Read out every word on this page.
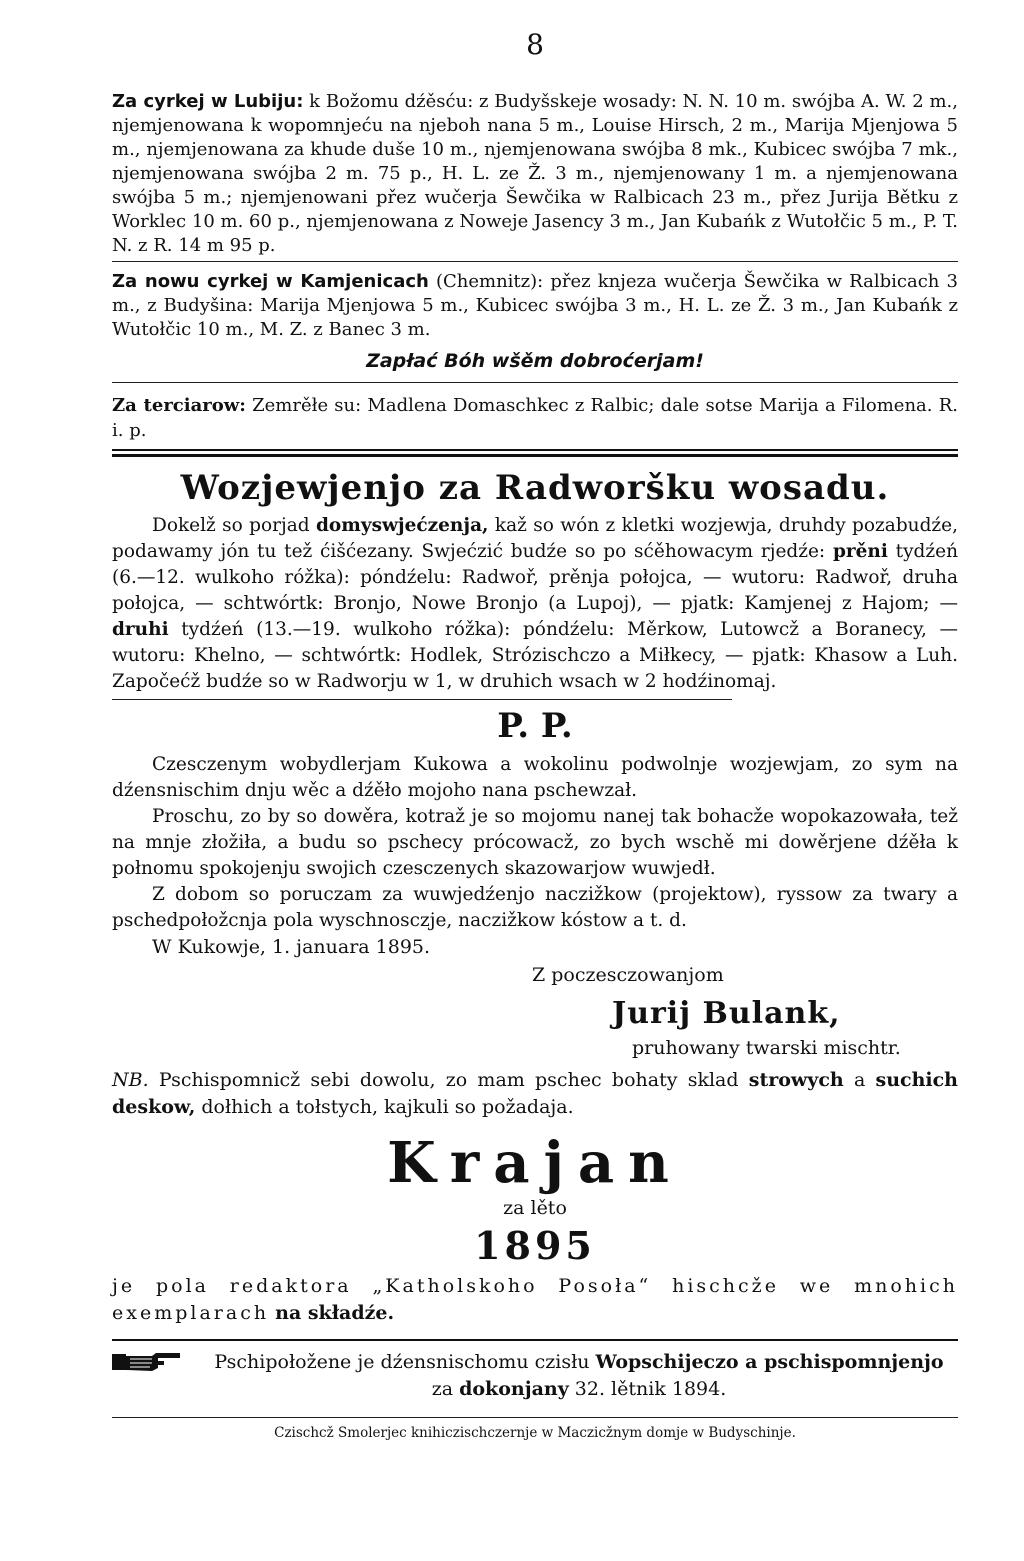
8

Za cyrkej w Lubiju: k Božomu dźěsću: z Budyšskeje wosady: N. N. 10 m. swójba A. W. 2 m., njemjenowana k wopomnjeću na njeboh nana 5 m., Louise Hirsch, 2 m., Marija Mjenjowa 5 m., njemjenowana za khude duše 10 m., njemjenowana swójba 8 mk., Kubicec swójba 7 mk., njemjenowana swójba 2 m. 75 p., H. L. ze Ž. 3 m., njemjenowany 1 m. a njemjenowana swójba 5 m.; njemjenowani přez wučerja Šewčika w Ralbicach 23 m., přez Jurija Bětku z Worklec 10 m. 60 p., njemjenowana z Noweje Jasency 3 m., Jan Kubańk z Wutołčic 5 m., P. T. N. z R. 14 m 95 p.

Za nowu cyrkej w Kamjenicach (Chemnitz): přez knjeza wučerja Šewčika w Ralbicach 3 m., z Budyšina: Marija Mjenjowa 5 m., Kubicec swójba 3 m., H. L. ze Ž. 3 m., Jan Kubańk z Wutołčic 10 m., M. Z. z Banec 3 m.

Zapłać Bóh wšěm dobroćerjam!

Za terciarow: Zemrěłe su: Madlena Domaschkec z Ralbic; dale sotse Marija a Filomena. R. i. p.

Wozjewjenjo za Radworšku wosadu.

Dokelž so porjad domyswjećzenja, kaž so wón z kletki wozjewja, druhdy pozabudźe, podawamy jón tu tež ćišćezany. Swjećzić budźe so po sćěhowacym rjedźe: prěni tydźeń (6.—12. wulkoho róžka): póndźelu: Radwoř, prěnja połojca, — wutoru: Radwoř, druha połojca, — schtwórtk: Bronjo, Nowe Bronjo (a Lupoj), — pjatk: Kamjenej z Hajom; — druhi tydźeń (13.—19. wulkoho róžka): póndźelu: Měrkow, Lutowcž a Boranecy, — wutoru: Khelno, — schtwórtk: Hodlek, Strózischczo a Miłkecy, — pjatk: Khasow a Luh. Započećž budźe so w Radworju w 1, w druhich wsach w 2 hodźinomaj.

P. P.

Czesczenym wobydlerjam Kukowa a wokolinu podwolnje wozjewjam, zo sym na dźensnischim dnju wěc a dźěło mojoho nana pschewzał.

Proschu, zo by so dowěra, kotraž je so mojomu nanej tak bohacže wopokazowała, tež na mnje złožiła, a budu so pschecy prócowacž, zo bych wschě mi dowěrjene dźěła k połnomu spokojenju swojich czesczenych skazowarjow wuwjedł.

Z dobom so poruczam za wuwjedźenjo naczižkow (projektow), ryssow za twary a pschedpołožcnja pola wyschnosczje, naczižkow kóstow a t. d.

W Kukowje, 1. januara 1895.

Z poczesczowanjom

Jurij Bulank,
pruhowany twarski mischtr.

NB. Pschispomnicž sebi dowolu, zo mam pschec bohaty sklad strowych a suchich deskow, dołhich a tołstych, kajkuli so požadaja.

Krajan
za lěto
1895

je pola redaktora „Katholskoho Posoła“ hischcže we mnohich exemplarach na składźe.

Pschipołožene je dźensnischomu czisłu Wopschijeczo a pschispomnjenjo
za dokonjany 32. lětnik 1894.
Czischcž Smolerjec knihiczischczernje w Maczicžnym domje w Budyschinje.
